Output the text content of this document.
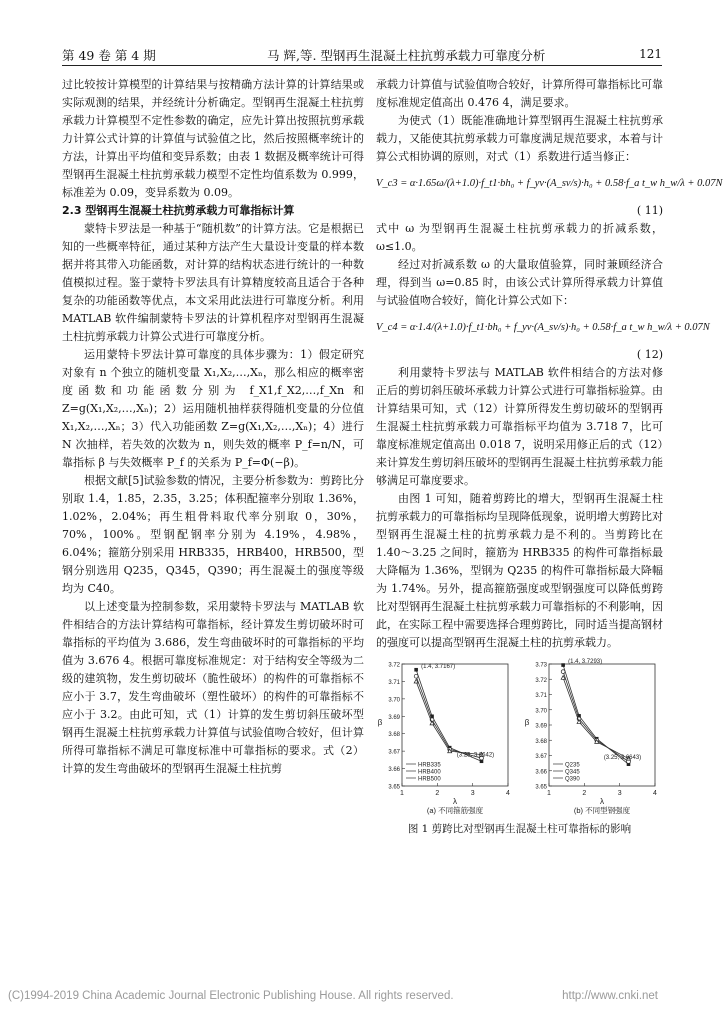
第 49 卷 第 4 期	马 辉,等. 型钢再生混凝土柱抗剪承载力可靠度分析	121

过比较按计算模型的计算结果与按精确方法计算的计算结果或实际观测的结果，并经统计分析确定。型钢再生混凝土柱抗剪承载力计算模型不定性参数的确定，应先计算出按照抗剪承载力计算公式计算的计算值与试验值之比，然后按照概率统计的方法，计算出平均值和变异系数；由表 1 数据及概率统计可得型钢再生混凝土柱抗剪承载力模型不定性均值系数为 0.999，标准差为 0.09，变异系数为 0.09。

2.3 型钢再生混凝土柱抗剪承载力可靠指标计算

蒙特卡罗法是一种基于“随机数”的计算方法。它是根据已知的一些概率特征，通过某种方法产生大量设计变量的样本数据并将其带入功能函数，对计算的结构状态进行统计的一种数值模拟过程。鉴于蒙特卡罗法具有计算精度较高且适合于各种复杂的功能函数等优点，本文采用此法进行可靠度分析。利用 MATLAB 软件编制蒙特卡罗法的计算机程序对型钢再生混凝土柱抗剪承载力计算公式进行可靠度分析。

运用蒙特卡罗法计算可靠度的具体步骤为：1）假定研究对象有 n 个独立的随机变量 X₁,X₂,…,Xₙ，那么相应的概率密度函数和功能函数分别为 f_X1,f_X2,…,f_Xn 和 Z=g(X₁,X₂,…,Xₙ)；2）运用随机抽样获得随机变量的分位值 X₁,X₂,…,Xₙ；3）代入功能函数 Z=g(X₁,X₂,…,Xₙ)；4）进行 N 次抽样，若失效的次数为 n，则失效的概率 P_f=n/N，可靠指标 β 与失效概率 P_f 的关系为 P_f=Φ(−β)。

根据文献[5]试验参数的情况，主要分析参数为：剪跨比分别取 1.4，1.85，2.35，3.25；体积配箍率分别取 1.36%，1.02%，2.04%；再生粗骨料取代率分别取 0，30%，70%，100%。型钢配钢率分别为 4.19%，4.98%，6.04%；箍筋分别采用 HRB335，HRB400，HRB500，型钢分别选用 Q235，Q345，Q390；再生混凝土的强度等级均为 C40。

以上述变量为控制参数，采用蒙特卡罗法与 MATLAB 软件相结合的方法计算结构可靠指标，经计算发生剪切破坏时可靠指标的平均值为 3.686，发生弯曲破坏时的可靠指标的平均值为 3.676 4。根据可靠度标准规定：对于结构安全等级为二级的建筑物，发生剪切破坏（脆性破坏）的构件的可靠指标不应小于 3.7，发生弯曲破坏（塑性破坏）的构件的可靠指标不应小于 3.2。由此可知，式（1）计算的发生剪切斜压破坏型钢再生混凝土柱抗剪承载力计算值与试验值吻合较好，但计算所得可靠指标不满足可靠度标准中可靠指标的要求。式（2）计算的发生弯曲破坏的型钢再生混凝土柱抗剪

承载力计算值与试验值吻合较好，计算所得可靠指标比可靠度标准规定值高出 0.476 4，满足要求。

为使式（1）既能准确地计算型钢再生混凝土柱抗剪承载力，又能使其抗剪承载力可靠度满足规范要求，本着与计算公式相协调的原则，对式（1）系数进行适当修正：

V_c3 = α·1.65ω/(λ+1.0)·f_t1·bh₀ + f_yv·(A_sv/s)·h₀ + 0.58·f_a t_w h_w/λ + 0.07N
( 11)

式中 ω 为型钢再生混凝土柱抗剪承载力的折减系数，ω≤1.0。

经过对折减系数 ω 的大量取值验算，同时兼顾经济合理，得到当 ω=0.85 时，由该公式计算所得承载力计算值与试验值吻合较好，简化计算公式如下：

V_c4 = α·1.4/(λ+1.0)·f_t1·bh₀ + f_yv·(A_sv/s)·h₀ + 0.58·f_a t_w h_w/λ + 0.07N
( 12)

利用蒙特卡罗法与 MATLAB 软件相结合的方法对修正后的剪切斜压破坏承载力计算公式进行可靠指标验算。由计算结果可知，式（12）计算所得发生剪切破坏的型钢再生混凝土柱抗剪承载力可靠指标平均值为 3.718 7，比可靠度标准规定值高出 0.018 7，说明采用修正后的式（12）来计算发生剪切斜压破坏的型钢再生混凝土柱抗剪承载力能够满足可靠度要求。

由图 1 可知，随着剪跨比的增大，型钢再生混凝土柱抗剪承载力的可靠指标均呈现降低现象，说明增大剪跨比对型钢再生混凝土柱的抗剪承载力是不利的。当剪跨比在 1.40～3.25 之间时，箍筋为 HRB335 的构件可靠指标最大降幅为 1.36%，型钢为 Q235 的构件可靠指标最大降幅为 1.74%。另外，提高箍筋强度或型钢强度可以降低剪跨比对型钢再生混凝土柱抗剪承载力可靠指标的不利影响，因此，在实际工程中需要选择合理剪跨比，同时适当提高钢材的强度可以提高型钢再生混凝土柱的抗剪承载力。

1	2	3	4
3.65
3.66
3.67
3.68
3.69
3.70
3.71
3.72
β
λ
HRB335
HRB400
HRB500
(1.4, 3.7167)
(3.25, 3.6642)
(a) 不同箍筋强度
1	2	3	4
3.65
3.66
3.67
3.68
3.69
3.70
3.71
3.72
3.73
β
λ
Q235
Q345
Q390
(1.4, 3.7293)
(3.25, 3.6643)
(b) 不同型钢强度
图 1 剪跨比对型钢再生混凝土柱可靠指标的影响
(C)1994-2019 China Academic Journal Electronic Publishing House. All rights reserved.	http://www.cnki.net
